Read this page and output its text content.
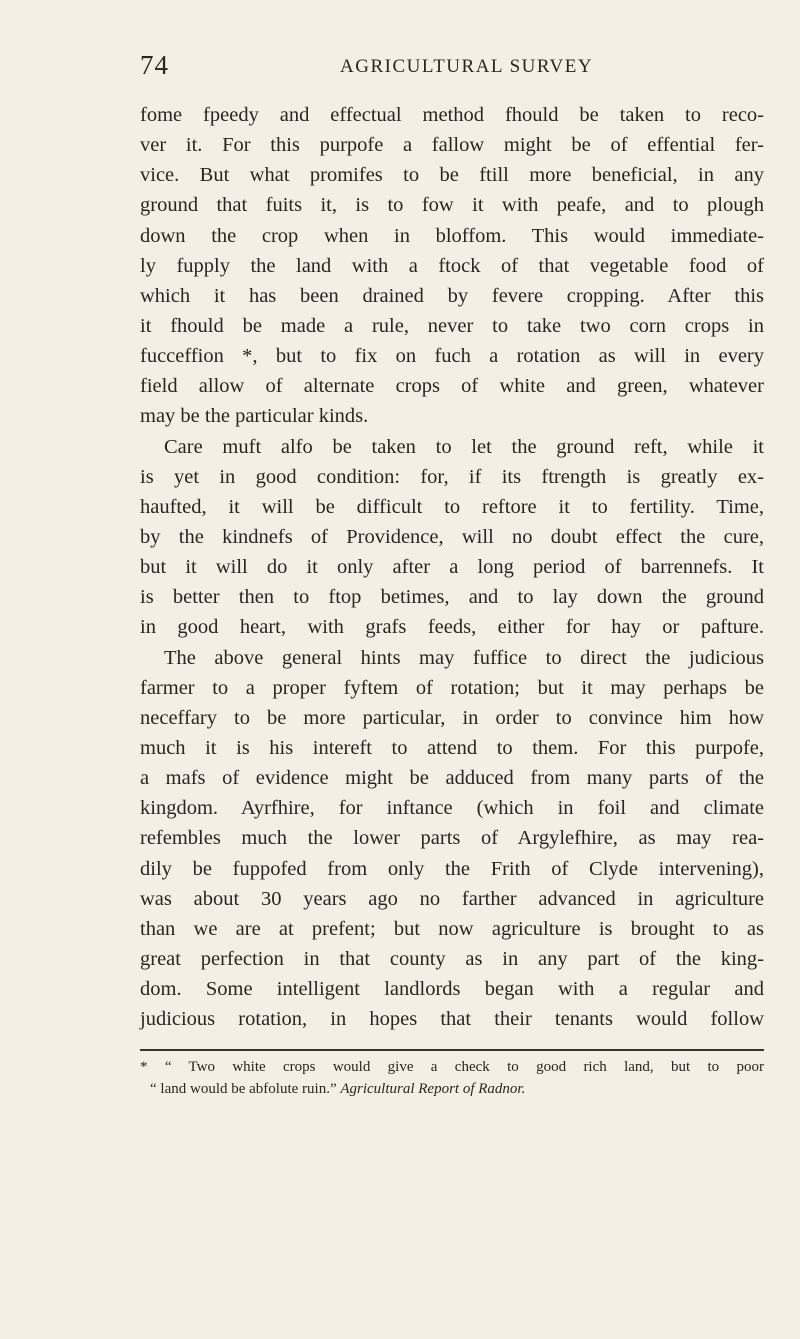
74	AGRICULTURAL SURVEY
fome fpeedy and effectual method fhould be taken to reco-
ver it. For this purpofe a fallow might be of effential fer-
vice. But what promifes to be ftill more beneficial, in any
ground that fuits it, is to fow it with peafe, and to plough
down the crop when in bloffom. This would immediate-
ly fupply the land with a ftock of that vegetable food of
which it has been drained by fevere cropping. After this
it fhould be made a rule, never to take two corn crops in
fucceffion *, but to fix on fuch a rotation as will in every
field allow of alternate crops of white and green, whatever
may be the particular kinds.
Care muft alfo be taken to let the ground reft, while it
is yet in good condition: for, if its ftrength is greatly ex-
haufted, it will be difficult to reftore it to fertility. Time,
by the kindnefs of Providence, will no doubt effect the cure,
but it will do it only after a long period of barrennefs. It
is better then to ftop betimes, and to lay down the ground
in good heart, with grafs feeds, either for hay or pafture.
The above general hints may fuffice to direct the judicious
farmer to a proper fyftem of rotation; but it may perhaps be
neceffary to be more particular, in order to convince him how
much it is his intereft to attend to them. For this purpofe,
a mafs of evidence might be adduced from many parts of the
kingdom. Ayrfhire, for inftance (which in foil and climate
refembles much the lower parts of Argylefhire, as may rea-
dily be fuppofed from only the Frith of Clyde intervening),
was about 30 years ago no farther advanced in agriculture
than we are at prefent; but now agriculture is brought to as
great perfection in that county as in any part of the king-
dom. Some intelligent landlords began with a regular and
judicious rotation, in hopes that their tenants would follow
* “ Two white crops would give a check to good rich land, but to poor
“ land would be abfolute ruin.” Agricultural Report of Radnor.
